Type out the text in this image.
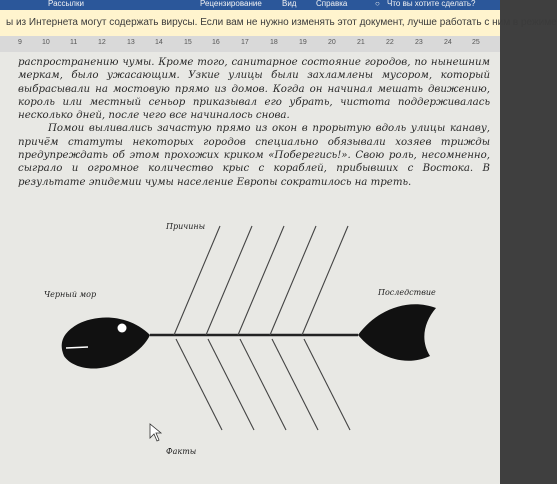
Рассылки	Рецензирование	Вид Справка	○ Что вы хотите сделать?
ы из Интернета могут содержать вирусы. Если вам не нужно изменять этот документ, лучше работать с ним в режиме
9	10	11	12	13	14	15	16	17	18	19	20	21	22	23	24	25

распространению чумы. Кроме того, санитарное состояние городов, по нынешним меркам, было ужасающим. Узкие улицы были захламлены мусором, который выбрасывали на мостовую прямо из домов. Когда он начинал мешать движению, король или местный сеньор приказывал его убрать, чистота поддерживалась несколько дней, после чего все начиналось снова.

Помои выливались зачастую прямо из окон в прорытую вдоль улицы канаву, причём статуты некоторых городов специально обязывали хозяев трижды предупреждать об этом прохожих криком «Поберегись!». Свою роль, несомненно, сыграло и огромное количество крыс с кораблей, прибывших с Востока. В результате эпидемии чумы население Европы сократилось на треть.

Причины
Черный мор	Последствие
Факты
